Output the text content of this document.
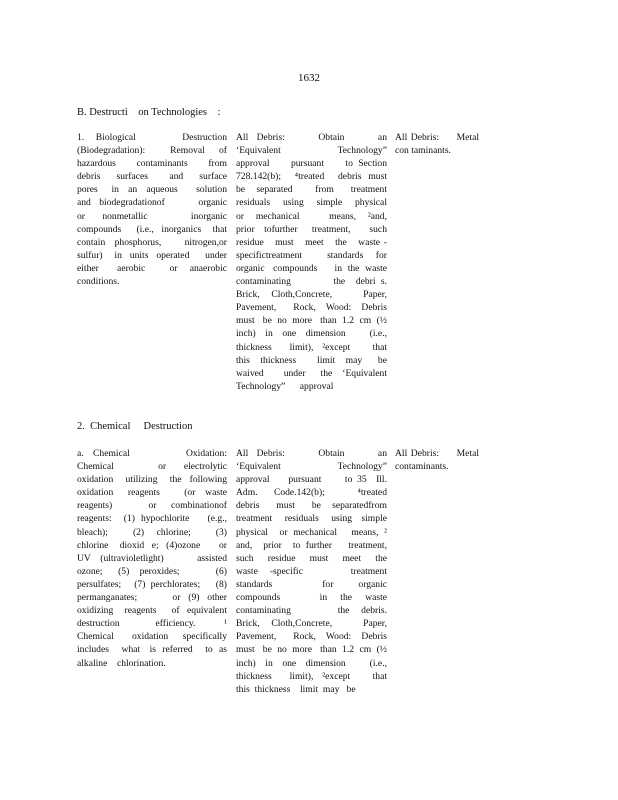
1632
B. Destructi    on Technologies    :
1. Biological    Destruction
(Biodegradation):       Removal    of
hazardous      contaminants      from
debris   surfaces    and   surface
pores   in  an  aqueous    solution
and  biodegradationof        organic
or  nonmetallic     inorganic
compounds    (i.e.,  inorganics   that
contain  phosphorus,     nitrogen,or
sulfur)   in  units  operated    under
either   aerobic    or  anaerobic
conditions.
All Debris:    Obtain    an
‘Equivalent     Technology”
approval    pursuant    to Section
728.142(b);    ⁴treated    debris  must
be  separated    from   treatment
residuals   using   simple   physical
or  mechanical     means,  ²and,
prior  tofurther   treatment,    such
residue   must   meet   the   waste -
specifictreatment        standards    for
organic   compounds      in  the  waste
contaminating        the  debri s.
Brick,   Cloth,Concrete,        Paper,
Pavement,     Rock,   Wood:   Debris
must   be  no  more   than  1.2  cm  (½
inch)  in  one  dimension     (i.e.,
thickness    limit),  ²except     that
this  thickness    limit  may   be
waived    under   the  ‘Equivalent
Technology”      approval
All Debris:     Metal
con taminants.
2.  Chemical     Destruction
a. Chemical      Oxidation:
Chemical     or  electrolytic
oxidation   utilizing   the  following
oxidation   reagents     (or  waste
reagents)     or  combinationof
reagents:    (1)  hypochlorite      (e.g.,
bleach);    (2)  chlorine;    (3)
chlorine   dioxid  e;  (4)ozone     or
UV  (ultravioletlight)       assisted
ozone;   (5)  peroxides;       (6)
persulfates;     (7)  perchlorates;      (8)
permanganates;         or  (9)  other
oxidizing   reagents    of  equivalent
destruction     efficiency.    ¹
Chemical     oxidation    specifically
includes    what   is  referred    to  as
alkaline    chlorination.
All Debris:    Obtain    an
‘Equivalent     Technology”
approval    pursuant     to 35  Ill.
Adm.   Code.142(b);      ⁴treated
debris   must   be  separatedfrom
treatment    residuals    using   simple
physical    or  mechanical     means,  ²
and,  prior  to further   treatment,
such   residue   must   meet   the
waste -specific    treatment
standards    for  organic
compounds      in  the  waste
contaminating        the  debris.
Brick,   Cloth,Concrete,        Paper,
Pavement,     Rock,   Wood:   Debris
must   be  no  more   than  1.2  cm  (½
inch)  in  one  dimension     (i.e.,
thickness    limit),  ²except     that
this  thickness    limit  may   be
All Debris:     Metal
contaminants.
